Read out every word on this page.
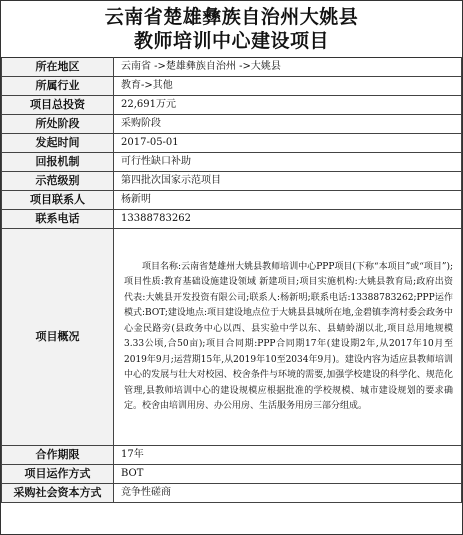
云南省楚雄彝族自治州大姚县
教师培训中心建设项目
所在地区	云南省 ->楚雄彝族自治州 ->大姚县
所属行业	教育->其他
项目总投资	22,691万元
所处阶段	采购阶段
发起时间	2017-05-01
回报机制	可行性缺口补助
示范级别	第四批次国家示范项目
项目联系人	杨新明
联系电话	13388783262
项目概况	项目名称:云南省楚雄州大姚县教师培训中心PPP项目(下称“本项目”或“项目”);项目性质:教育基础设施建设领域 新建项目;项目实施机构:大姚县教育局;政府出资代表:大姚县开发投资有限公司;联系人:杨新明;联系电话:13388783262;PPP运作模式:BOT;建设地点:项目建设地点位于大姚县县城所在地,金碧镇李湾村委会政务中心金民路旁(县政务中心以西、县实验中学以东、县蜻蛉湖以北,项目总用地规模3.33公顷,合50亩);项目合同期:PPP合同期17年(建设期2年,从2017年10月至2019年9月;运营期15年,从2019年10至2034年9月)。建设内容为适应县教师培训中心的发展与壮大对校园、校舍条件与环境的需要,加强学校建设的科学化、规范化管理,县教师培训中心的建设规模应根据批准的学校规模、城市建设规划的要求确定。校舍由培训用房、办公用房、生活服务用房三部分组成。
合作期限	17年
项目运作方式	BOT
采购社会资本方式	竞争性磋商
